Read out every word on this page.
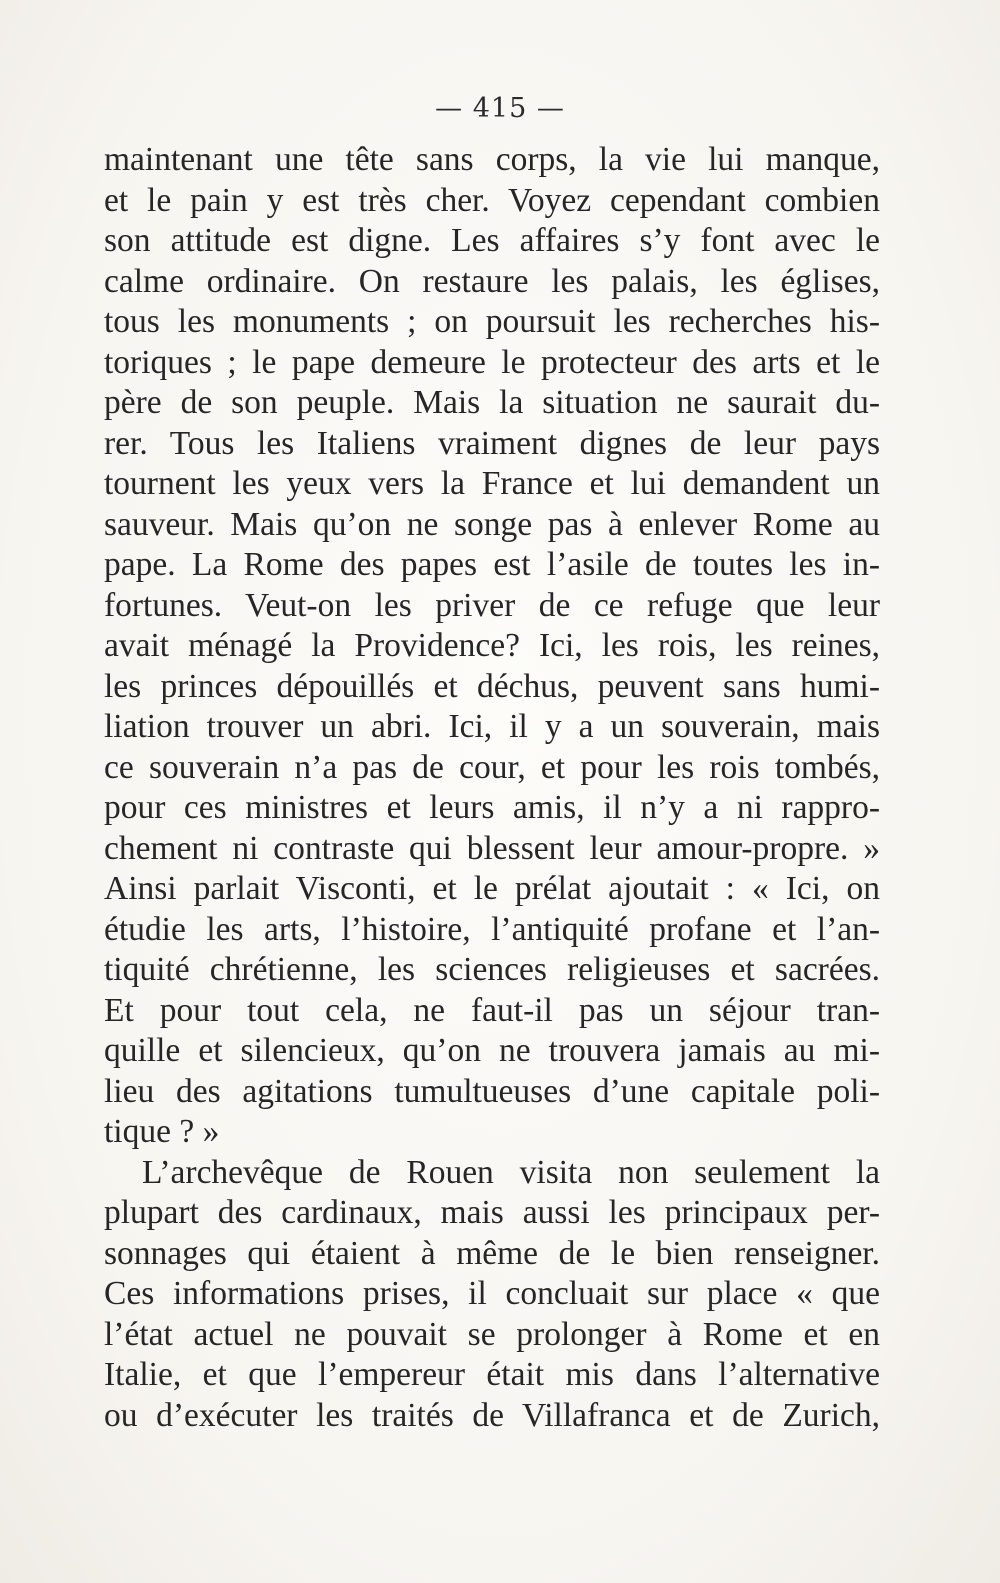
— 415 —
maintenant une tête sans corps, la vie lui manque,
et le pain y est très cher. Voyez cependant combien
son attitude est digne. Les affaires s’y font avec le
calme ordinaire. On restaure les palais, les églises,
tous les monuments ; on poursuit les recherches his-
toriques ; le pape demeure le protecteur des arts et le
père de son peuple. Mais la situation ne saurait du-
rer. Tous les Italiens vraiment dignes de leur pays
tournent les yeux vers la France et lui demandent un
sauveur. Mais qu’on ne songe pas à enlever Rome au
pape. La Rome des papes est l’asile de toutes les in-
fortunes. Veut-on les priver de ce refuge que leur
avait ménagé la Providence? Ici, les rois, les reines,
les princes dépouillés et déchus, peuvent sans humi-
liation trouver un abri. Ici, il y a un souverain, mais
ce souverain n’a pas de cour, et pour les rois tombés,
pour ces ministres et leurs amis, il n’y a ni rappro-
chement ni contraste qui blessent leur amour-propre. »
Ainsi parlait Visconti, et le prélat ajoutait : « Ici, on
étudie les arts, l’histoire, l’antiquité profane et l’an-
tiquité chrétienne, les sciences religieuses et sacrées.
Et pour tout cela, ne faut-il pas un séjour tran-
quille et silencieux, qu’on ne trouvera jamais au mi-
lieu des agitations tumultueuses d’une capitale poli-
tique ? »
L’archevêque de Rouen visita non seulement la
plupart des cardinaux, mais aussi les principaux per-
sonnages qui étaient à même de le bien renseigner.
Ces informations prises, il concluait sur place « que
l’état actuel ne pouvait se prolonger à Rome et en
Italie, et que l’empereur était mis dans l’alternative
ou d’exécuter les traités de Villafranca et de Zurich,
